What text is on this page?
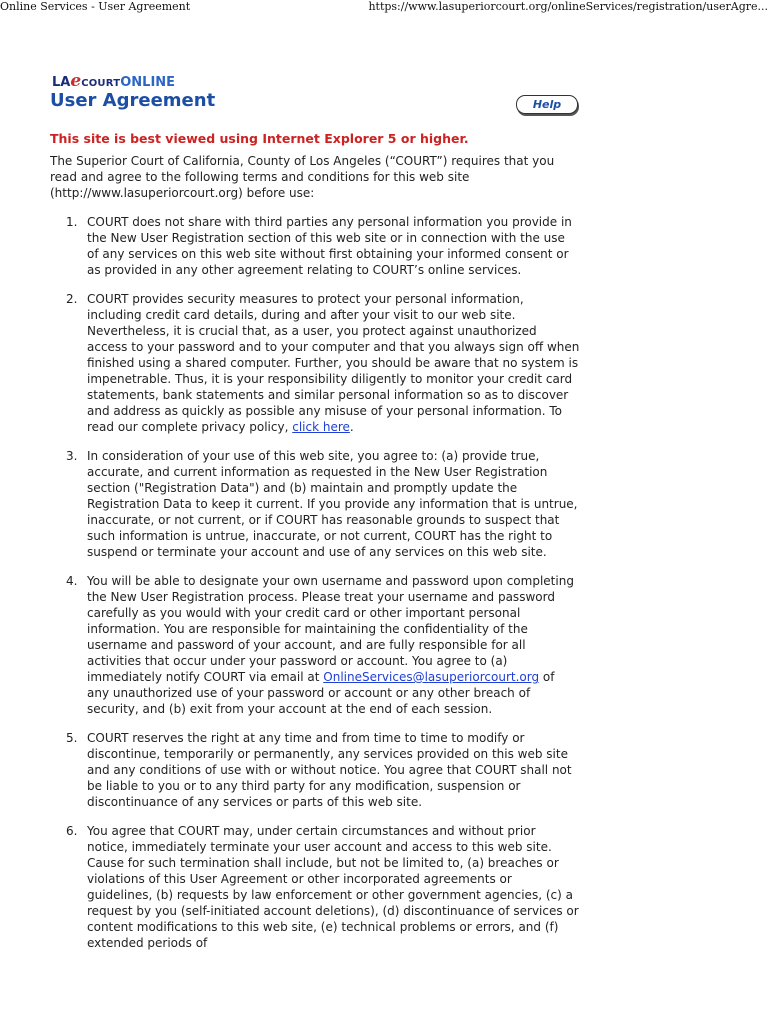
Online Services - User Agreement	https://www.lasuperiorcourt.org/onlineServices/registration/userAgre...
LAeCOURTONLINE
User Agreement	Help
This site is best viewed using Internet Explorer 5 or higher.

The Superior Court of California, County of Los Angeles (“COURT”) requires that you read and agree to the following terms and conditions for this web site (http://www.lasuperiorcourt.org) before use:

1. COURT does not share with third parties any personal information you provide in the New User Registration section of this web site or in connection with the use of any services on this web site without first obtaining your informed consent or as provided in any other agreement relating to COURT’s online services.
2. COURT provides security measures to protect your personal information, including credit card details, during and after your visit to our web site. Nevertheless, it is crucial that, as a user, you protect against unauthorized access to your password and to your computer and that you always sign off when finished using a shared computer. Further, you should be aware that no system is impenetrable. Thus, it is your responsibility diligently to monitor your credit card statements, bank statements and similar personal information so as to discover and address as quickly as possible any misuse of your personal information. To read our complete privacy policy, click here.
3. In consideration of your use of this web site, you agree to: (a) provide true, accurate, and current information as requested in the New User Registration section ("Registration Data") and (b) maintain and promptly update the Registration Data to keep it current. If you provide any information that is untrue, inaccurate, or not current, or if COURT has reasonable grounds to suspect that such information is untrue, inaccurate, or not current, COURT has the right to suspend or terminate your account and use of any services on this web site.
4. You will be able to designate your own username and password upon completing the New User Registration process. Please treat your username and password carefully as you would with your credit card or other important personal information. You are responsible for maintaining the confidentiality of the username and password of your account, and are fully responsible for all activities that occur under your password or account. You agree to (a) immediately notify COURT via email at OnlineServices@lasuperiorcourt.org of any unauthorized use of your password or account or any other breach of security, and (b) exit from your account at the end of each session.
5. COURT reserves the right at any time and from time to time to modify or discontinue, temporarily or permanently, any services provided on this web site and any conditions of use with or without notice. You agree that COURT shall not be liable to you or to any third party for any modification, suspension or discontinuance of any services or parts of this web site.
6. You agree that COURT may, under certain circumstances and without prior notice, immediately terminate your user account and access to this web site. Cause for such termination shall include, but not be limited to, (a) breaches or violations of this User Agreement or other incorporated agreements or guidelines, (b) requests by law enforcement or other government agencies, (c) a request by you (self-initiated account deletions), (d) discontinuance of services or content modifications to this web site, (e) technical problems or errors, and (f) extended periods of
